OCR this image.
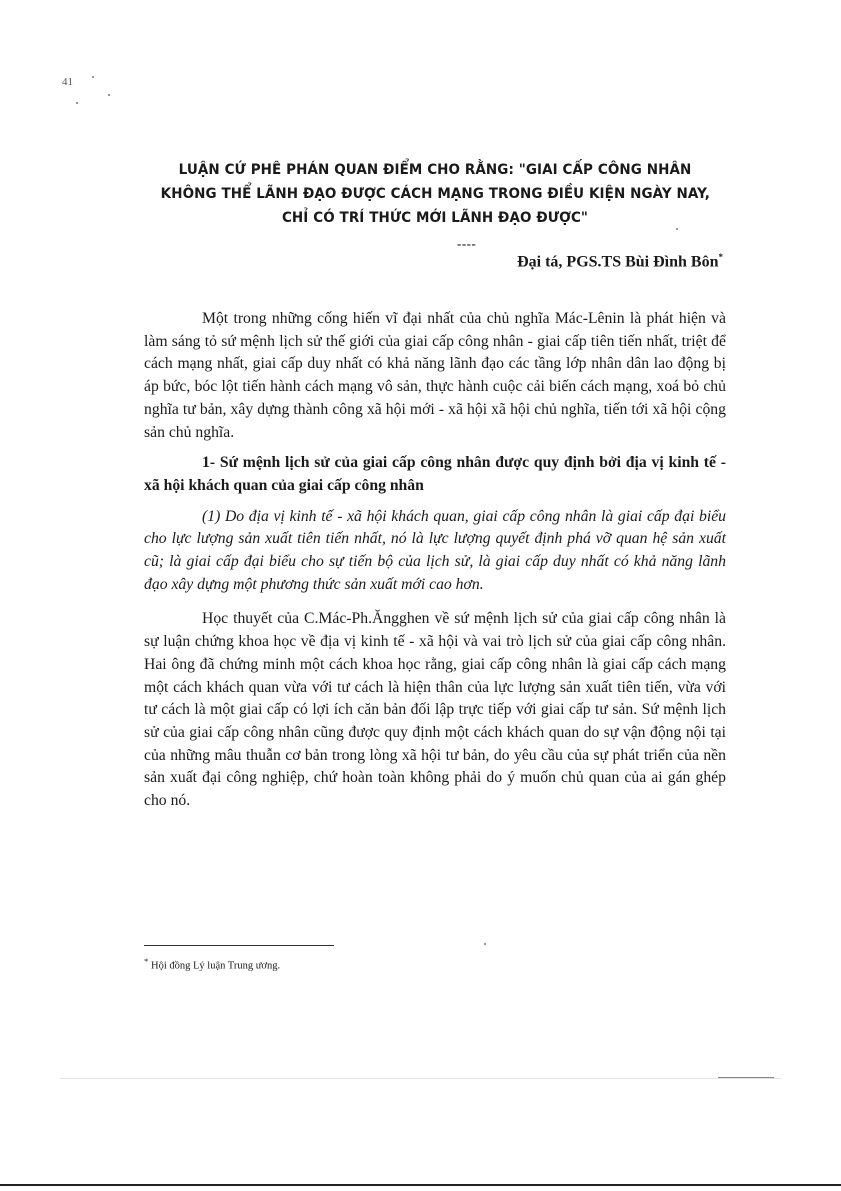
41
LUẬN CỨ PHÊ PHÁN QUAN ĐIỂM CHO RẰNG: "GIAI CẤP CÔNG NHÂN
KHÔNG THỂ LÃNH ĐẠO ĐƯỢC CÁCH MẠNG TRONG ĐIỀU KIỆN NGÀY NAY,
CHỈ CÓ TRÍ THỨC MỚI LÃNH ĐẠO ĐƯỢC"
----
Đại tá, PGS.TS Bùi Đình Bôn*

Một trong những cống hiến vĩ đại nhất của chủ nghĩa Mác-Lênin là phát hiện và làm sáng tỏ sứ mệnh lịch sử thế giới của giai cấp công nhân - giai cấp tiên tiến nhất, triệt để cách mạng nhất, giai cấp duy nhất có khả năng lãnh đạo các tầng lớp nhân dân lao động bị áp bức, bóc lột tiến hành cách mạng vô sản, thực hành cuộc cải biến cách mạng, xoá bỏ chủ nghĩa tư bản, xây dựng thành công xã hội mới - xã hội xã hội chủ nghĩa, tiến tới xã hội cộng sản chủ nghĩa.

1- Sứ mệnh lịch sử của giai cấp công nhân được quy định bởi địa vị kinh tế - xã hội khách quan của giai cấp công nhân

(1) Do địa vị kinh tế - xã hội khách quan, giai cấp công nhân là giai cấp đại biểu cho lực lượng sản xuất tiên tiến nhất, nó là lực lượng quyết định phá vỡ quan hệ sản xuất cũ; là giai cấp đại biểu cho sự tiến bộ của lịch sử, là giai cấp duy nhất có khả năng lãnh đạo xây dựng một phương thức sản xuất mới cao hơn.

Học thuyết của C.Mác-Ph.Ăngghen về sứ mệnh lịch sử của giai cấp công nhân là sự luận chứng khoa học về địa vị kinh tế - xã hội và vai trò lịch sử của giai cấp công nhân. Hai ông đã chứng minh một cách khoa học rằng, giai cấp công nhân là giai cấp cách mạng một cách khách quan vừa với tư cách là hiện thân của lực lượng sản xuất tiên tiến, vừa với tư cách là một giai cấp có lợi ích căn bản đối lập trực tiếp với giai cấp tư sản. Sứ mệnh lịch sử của giai cấp công nhân cũng được quy định một cách khách quan do sự vận động nội tại của những mâu thuẫn cơ bản trong lòng xã hội tư bản, do yêu cầu của sự phát triển của nền sản xuất đại công nghiệp, chứ hoàn toàn không phải do ý muốn chủ quan của ai gán ghép cho nó.

* Hội đồng Lý luận Trung ương.
